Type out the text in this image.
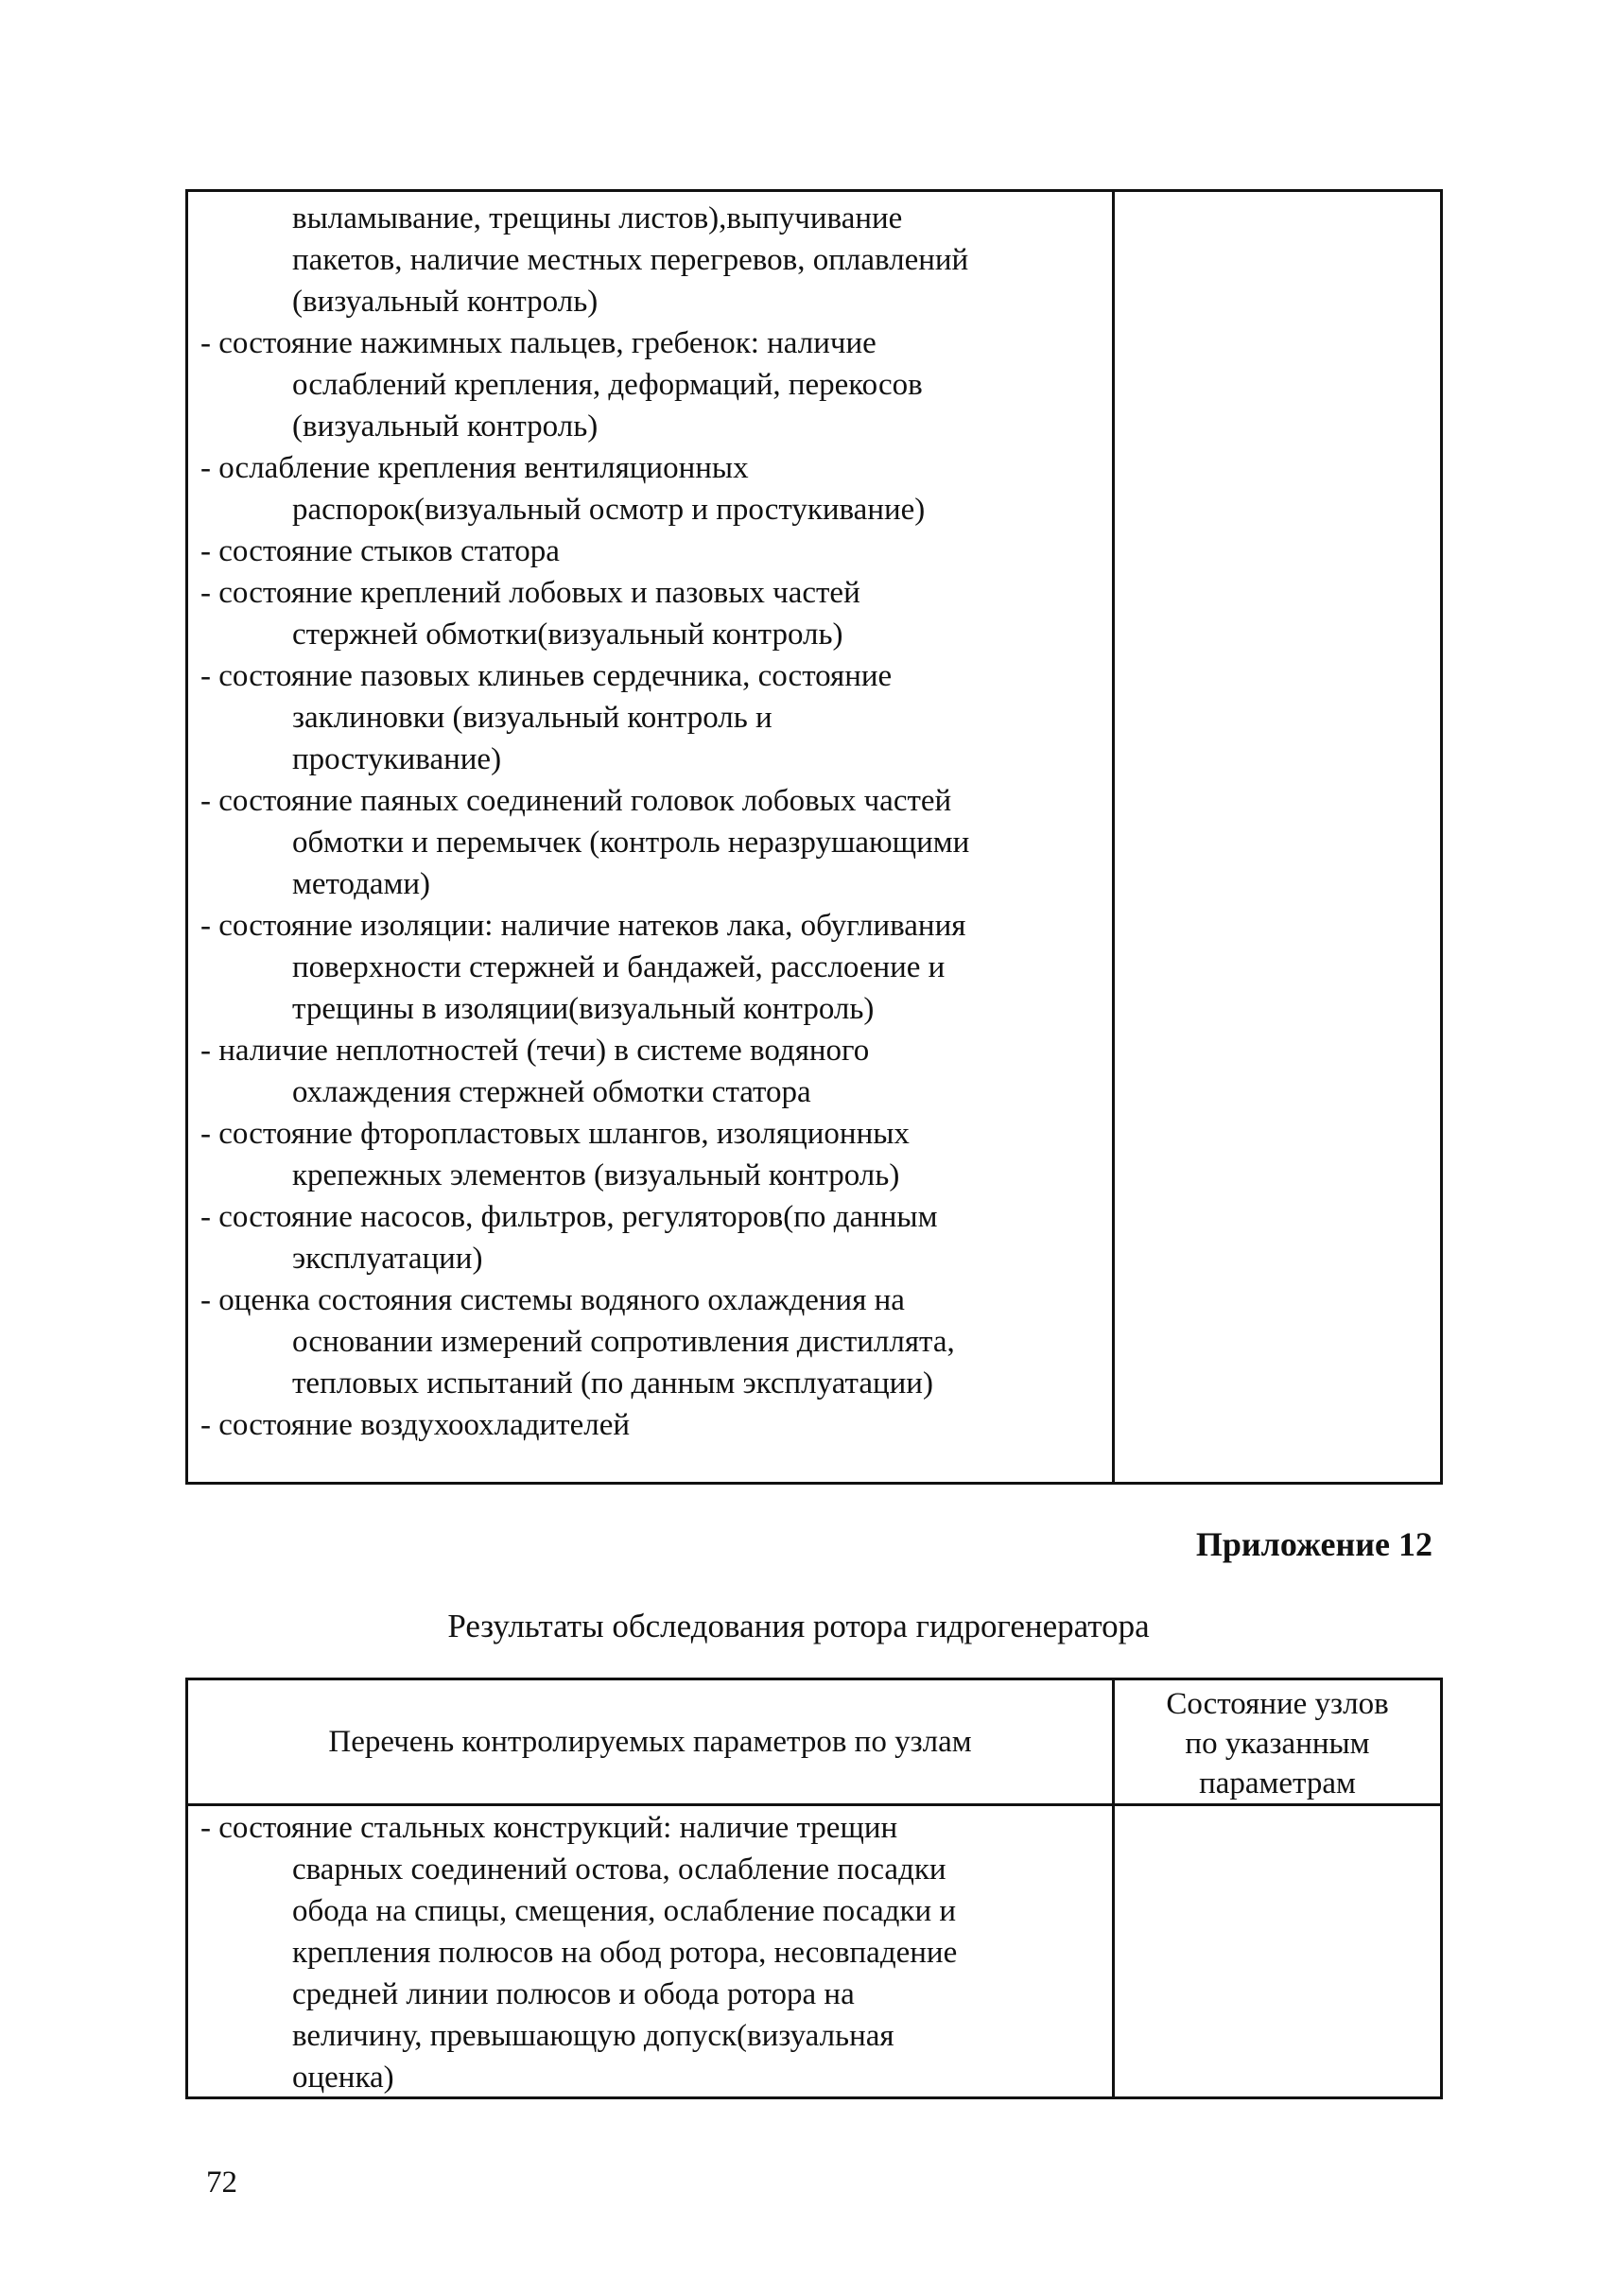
выламывание, трещины листов),выпучивание
пакетов, наличие местных перегревов, оплавлений
(визуальный контроль)
- состояние нажимных пальцев, гребенок: наличие
ослаблений крепления, деформаций, перекосов
(визуальный контроль)
- ослабление крепления вентиляционных
распорок(визуальный осмотр и простукивание)
- состояние стыков статора
- состояние креплений лобовых и пазовых частей
стержней обмотки(визуальный контроль)
- состояние пазовых клиньев сердечника, состояние
заклиновки (визуальный контроль и
простукивание)
- состояние паяных соединений головок лобовых частей
обмотки и перемычек (контроль неразрушающими
методами)
- состояние изоляции: наличие натеков лака, обугливания
поверхности стержней и бандажей, расслоение и
трещины в изоляции(визуальный контроль)
- наличие неплотностей (течи) в системе водяного
охлаждения стержней обмотки статора
- состояние фторопластовых шлангов, изоляционных
крепежных элементов (визуальный контроль)
- состояние насосов, фильтров, регуляторов(по данным
эксплуатации)
- оценка состояния системы водяного охлаждения на
основании измерений сопротивления дистиллята,
тепловых испытаний (по данным эксплуатации)
- состояние воздухоохладителей
Приложение 12
Результаты обследования ротора гидрогенератора
Перечень контролируемых параметров по узлам
Состояние узлов
по указанным
параметрам
- состояние стальных конструкций: наличие трещин
сварных соединений остова, ослабление посадки
обода на спицы, смещения, ослабление посадки и
крепления полюсов на обод ротора, несовпадение
средней линии полюсов и обода ротора на
величину, превышающую допуск(визуальная
оценка)
72
